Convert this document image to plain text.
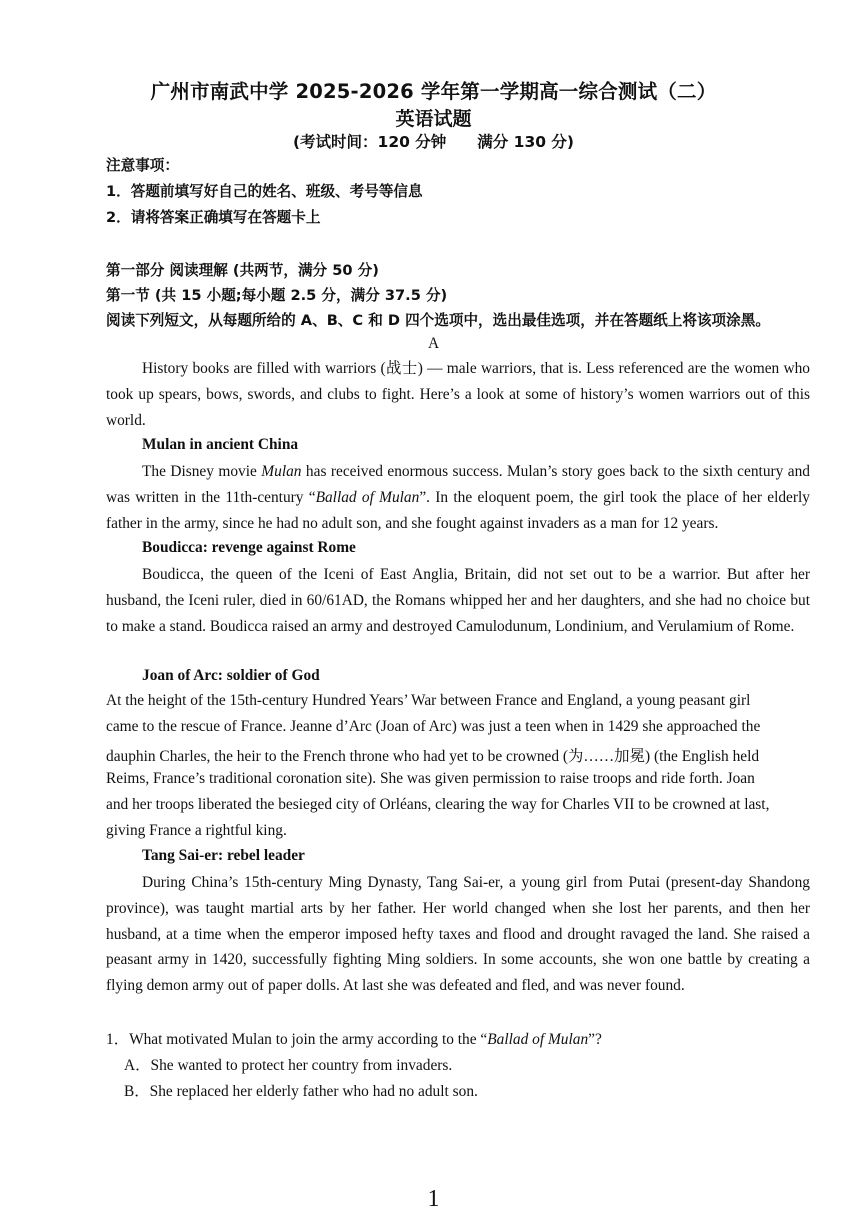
广州市南武中学 2025-2026 学年第一学期高一综合测试（二）
英语试题
(考试时间：120 分钟　　满分 130 分)
注意事项：
1．答题前填写好自己的姓名、班级、考号等信息
2．请将答案正确填写在答题卡上
第一部分 阅读理解 (共两节，满分 50 分)
第一节 (共 15 小题;每小题 2.5 分，满分 37.5 分)
阅读下列短文，从每题所给的 A、B、C 和 D 四个选项中，选出最佳选项，并在答题纸上将该项涂黑。
A

History books are filled with warriors (战士) — male warriors, that is. Less referenced are the women who took up spears, bows, swords, and clubs to fight. Here’s a look at some of history’s women warriors out of this world.

Mulan in ancient China

The Disney movie Mulan has received enormous success. Mulan’s story goes back to the sixth century and was written in the 11th-century “Ballad of Mulan”. In the eloquent poem, the girl took the place of her elderly father in the army, since he had no adult son, and she fought against invaders as a man for 12 years.

Boudicca: revenge against Rome

Boudicca, the queen of the Iceni of East Anglia, Britain, did not set out to be a warrior. But after her husband, the Iceni ruler, died in 60/61AD, the Romans whipped her and her daughters, and she had no choice but to make a stand. Boudicca raised an army and destroyed Camulodunum, Londinium, and Verulamium of Rome.

Joan of Arc: soldier of God
At the height of the 15th-century Hundred Years’ War between France and England, a young peasant girl
came to the rescue of France. Jeanne d’Arc (Joan of Arc) was just a teen when in 1429 she approached the
dauphin Charles, the heir to the French throne who had yet to be crowned (为……加冕) (the English held
Reims, France’s traditional coronation site). She was given permission to raise troops and ride forth. Joan
and her troops liberated the besieged city of Orléans, clearing the way for Charles VII to be crowned at last,
giving France a rightful king.
Tang Sai-er: rebel leader

During China’s 15th-century Ming Dynasty, Tang Sai-er, a young girl from Putai (present-day Shandong province), was taught martial arts by her father. Her world changed when she lost her parents, and then her husband, at a time when the emperor imposed hefty taxes and flood and drought ravaged the land. She raised a peasant army in 1420, successfully fighting Ming soldiers. In some accounts, she won one battle by creating a flying demon army out of paper dolls. At last she was defeated and fled, and was never found.

1．What motivated Mulan to join the army according to the “Ballad of Mulan”?
A．She wanted to protect her country from invaders.
B．She replaced her elderly father who had no adult son.
1
